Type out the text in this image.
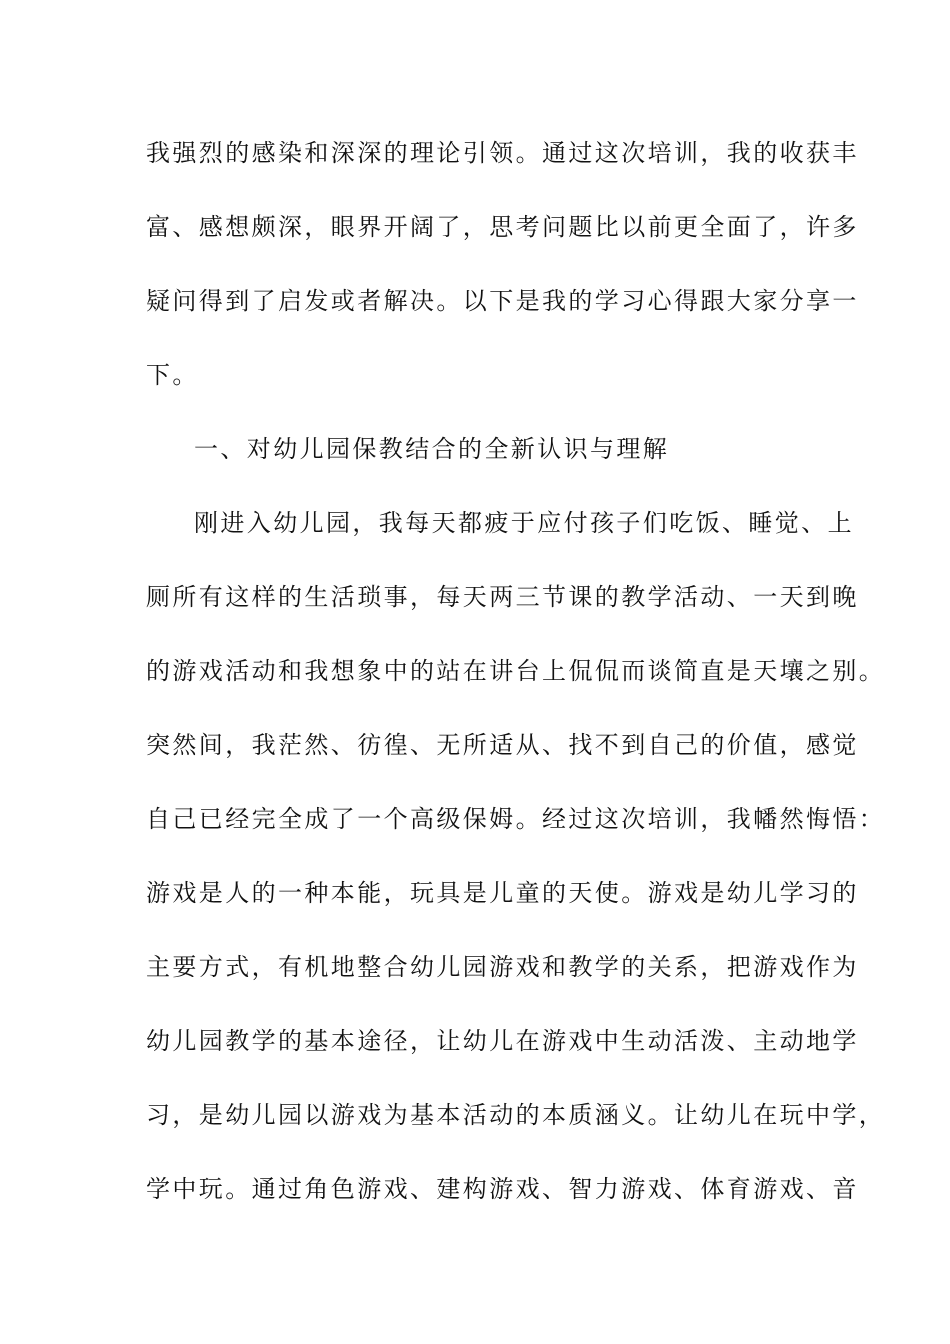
我强烈的感染和深深的理论引领。通过这次培训，我的收获丰
富、感想颇深，眼界开阔了，思考问题比以前更全面了，许多
疑问得到了启发或者解决。以下是我的学习心得跟大家分享一
下。
一、对幼儿园保教结合的全新认识与理解
刚进入幼儿园，我每天都疲于应付孩子们吃饭、睡觉、上
厕所有这样的生活琐事，每天两三节课的教学活动、一天到晚
的游戏活动和我想象中的站在讲台上侃侃而谈简直是天壤之别。
突然间，我茫然、彷徨、无所适从、找不到自己的价值，感觉
自己已经完全成了一个高级保姆。经过这次培训，我幡然悔悟：
游戏是人的一种本能，玩具是儿童的天使。游戏是幼儿学习的
主要方式，有机地整合幼儿园游戏和教学的关系，把游戏作为
幼儿园教学的基本途径，让幼儿在游戏中生动活泼、主动地学
习，是幼儿园以游戏为基本活动的本质涵义。让幼儿在玩中学，
学中玩。通过角色游戏、建构游戏、智力游戏、体育游戏、音
